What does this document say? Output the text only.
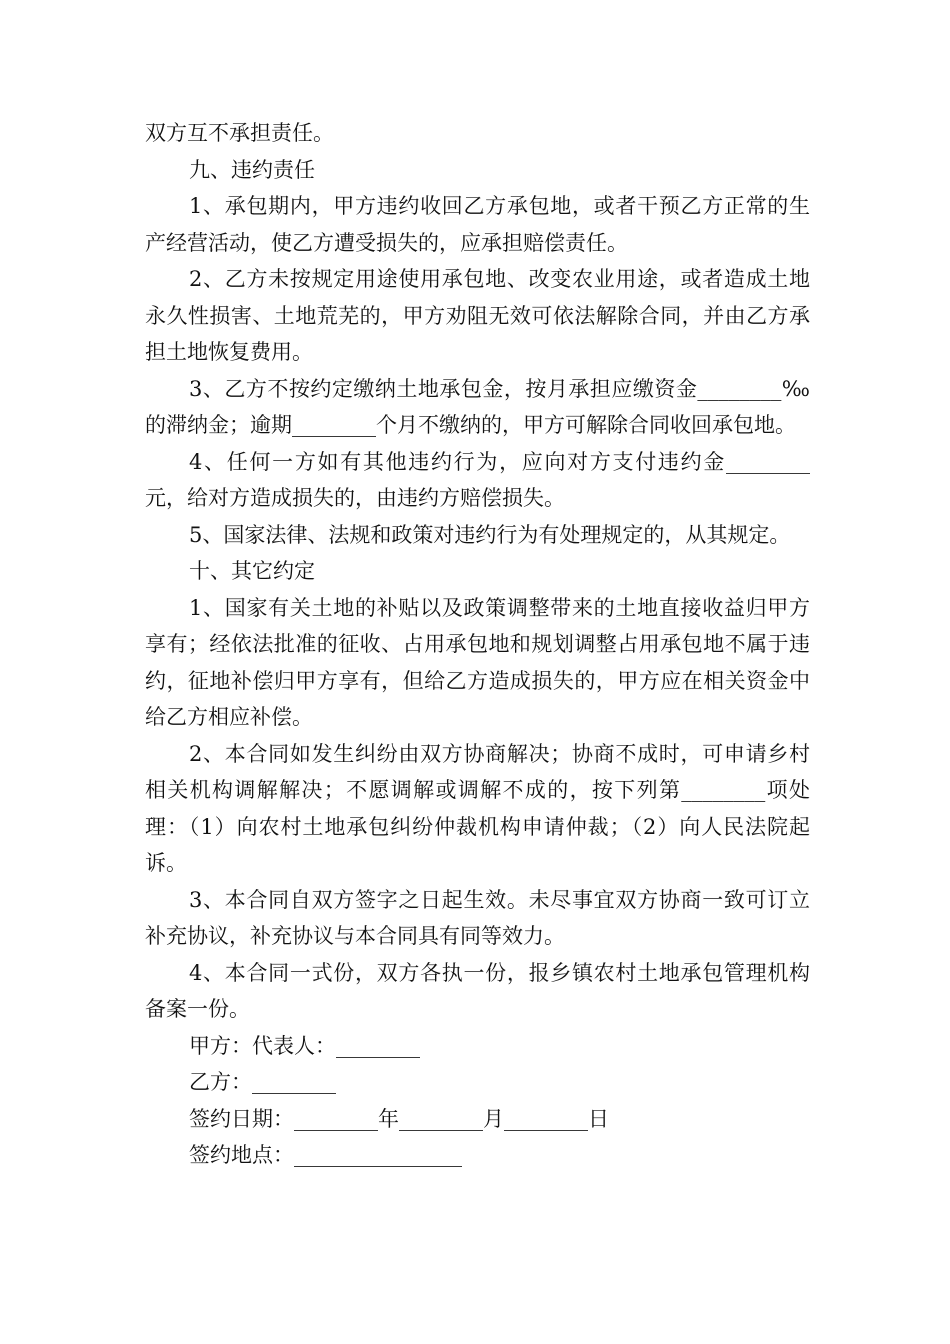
双方互不承担责任。

九、违约责任

1、承包期内，甲方违约收回乙方承包地，或者干预乙方正常的生产经营活动，使乙方遭受损失的，应承担赔偿责任。

2、乙方未按规定用途使用承包地、改变农业用途，或者造成土地永久性损害、土地荒芜的，甲方劝阻无效可依法解除合同，并由乙方承担土地恢复费用。

3、乙方不按约定缴纳土地承包金，按月承担应缴资金________‰的滞纳金；逾期________个月不缴纳的，甲方可解除合同收回承包地。

4、任何一方如有其他违约行为，应向对方支付违约金________元，给对方造成损失的，由违约方赔偿损失。

5、国家法律、法规和政策对违约行为有处理规定的，从其规定。

十、其它约定

1、国家有关土地的补贴以及政策调整带来的土地直接收益归甲方享有；经依法批准的征收、占用承包地和规划调整占用承包地不属于违约，征地补偿归甲方享有，但给乙方造成损失的，甲方应在相关资金中给乙方相应补偿。

2、本合同如发生纠纷由双方协商解决；协商不成时，可申请乡村相关机构调解解决；不愿调解或调解不成的，按下列第________项处理：（1）向农村土地承包纠纷仲裁机构申请仲裁；（2）向人民法院起诉。

3、本合同自双方签字之日起生效。未尽事宜双方协商一致可订立补充协议，补充协议与本合同具有同等效力。

4、本合同一式份，双方各执一份，报乡镇农村土地承包管理机构备案一份。

甲方：代表人：________

乙方：________

签约日期：________年________月________日

签约地点：________________
